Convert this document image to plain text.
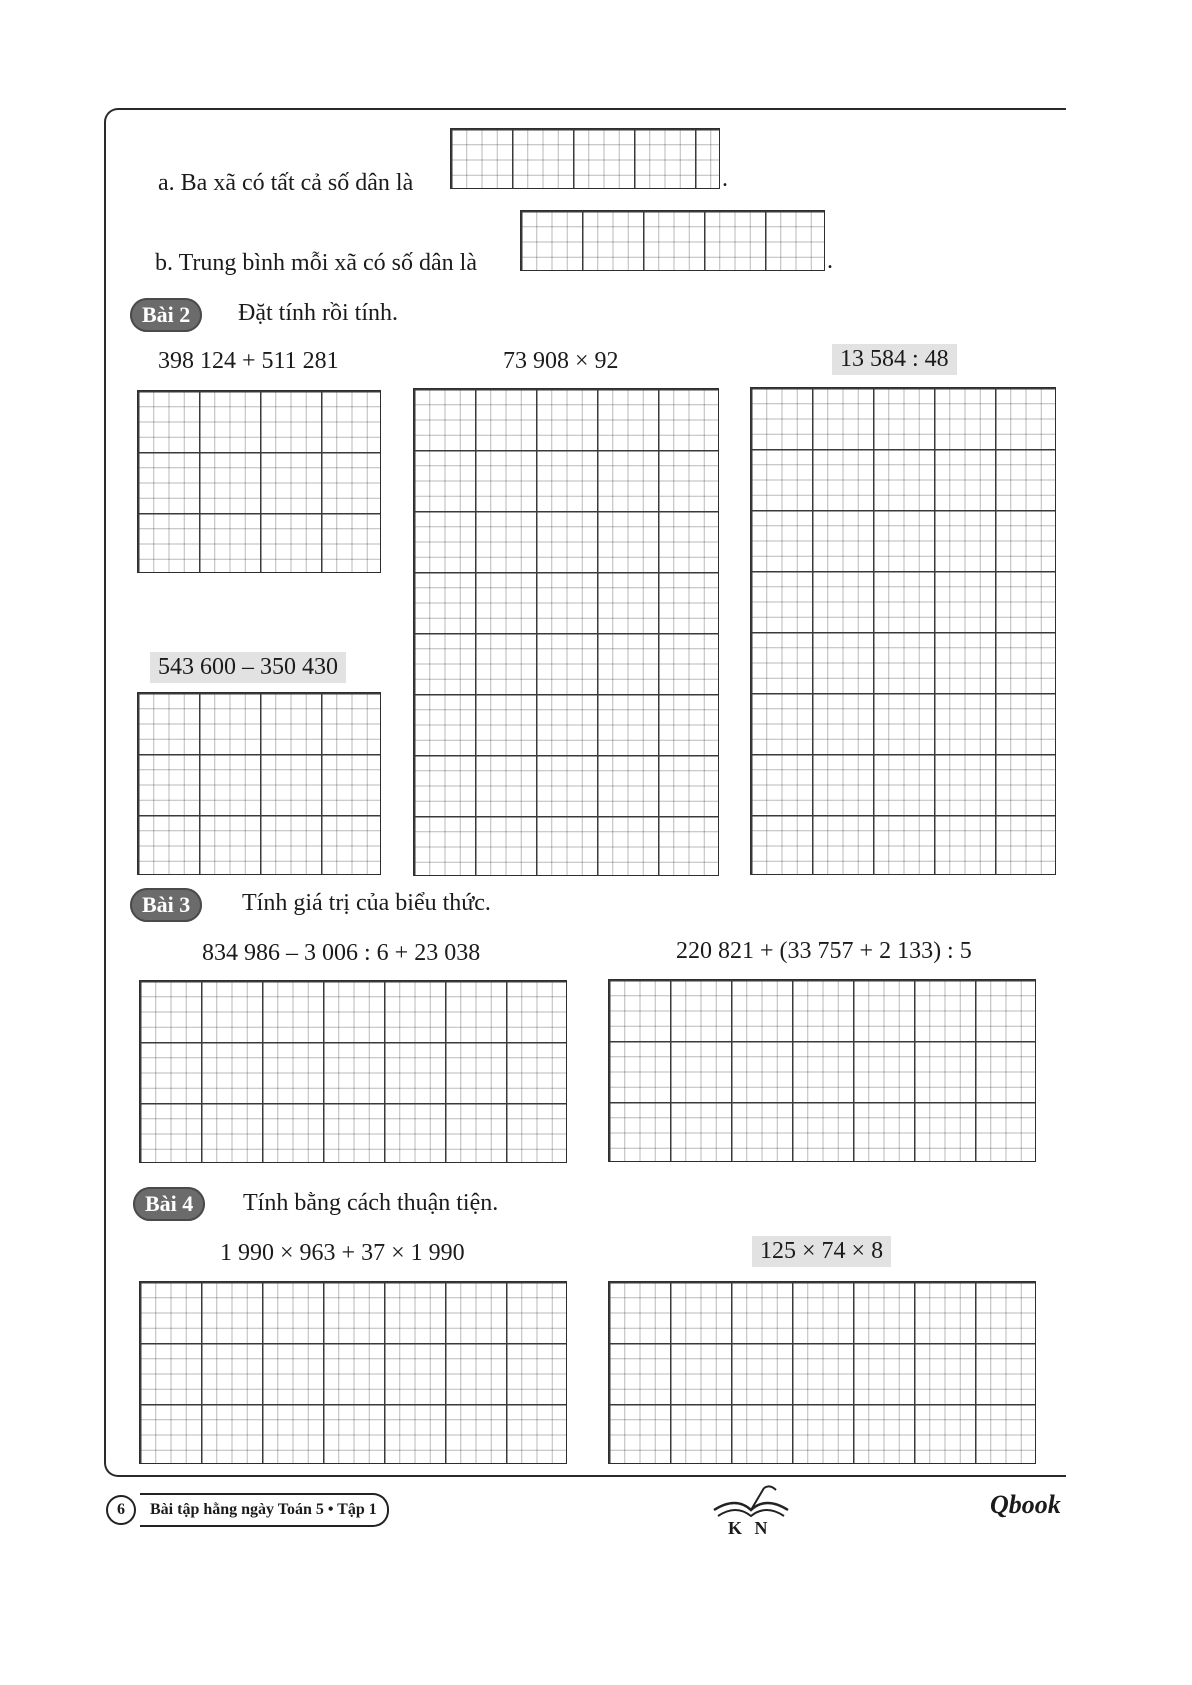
a. Ba xã có tất cả số dân là	.
b. Trung bình mỗi xã có số dân là	.
Bài 2	Đặt tính rồi tính.
398 124 + 511 281	73 908 × 92	13 584 : 48
543 600 – 350 430
Bài 3	Tính giá trị của biểu thức.
834 986 – 3 006 : 6 + 23 038	220 821 + (33 757 + 2 133) : 5
Bài 4	Tính bằng cách thuận tiện.
1 990 × 963 + 37 × 1 990	125 × 74 × 8
6	Bài tập hằng ngày Toán 5 • Tập 1
K N
Qbook
